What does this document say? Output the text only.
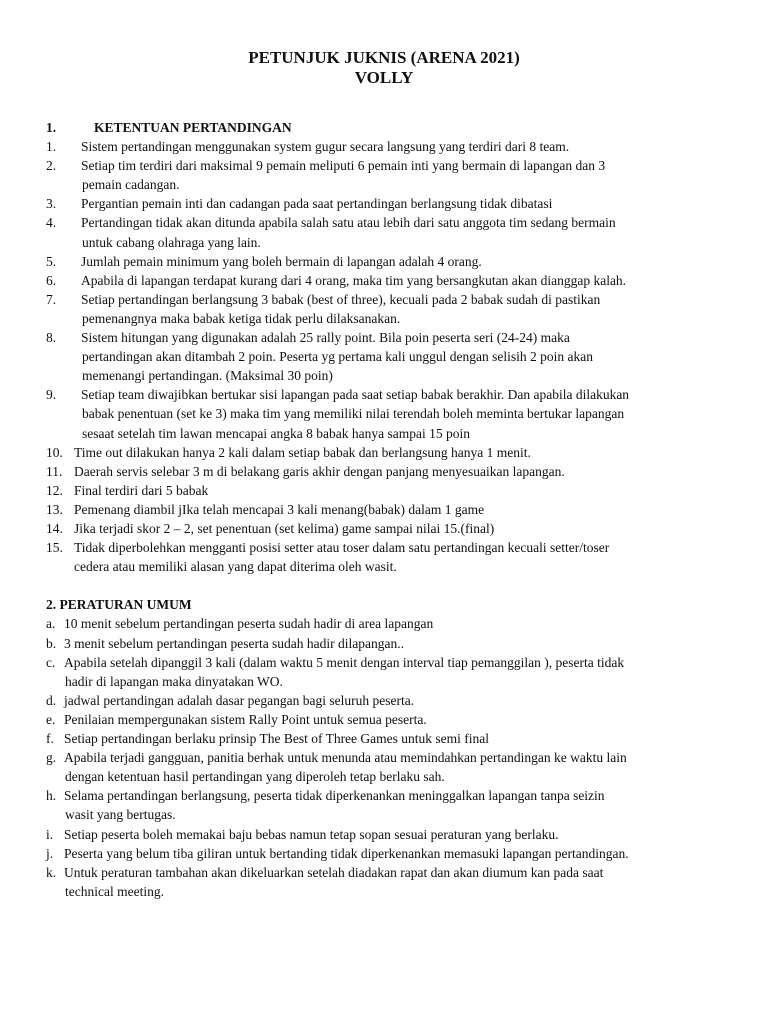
PETUNJUK JUKNIS (ARENA 2021)
VOLLY
1.	KETENTUAN PERTANDINGAN
1. Sistem pertandingan menggunakan system gugur secara langsung yang terdiri dari 8 team.
2. Setiap tim terdiri dari maksimal 9 pemain meliputi 6 pemain inti yang bermain di lapangan dan 3
pemain cadangan.
3. Pergantian pemain inti dan cadangan pada saat pertandingan berlangsung tidak dibatasi
4. Pertandingan tidak akan ditunda apabila salah satu atau lebih dari satu anggota tim sedang bermain
untuk cabang olahraga yang lain.
5. Jumlah pemain minimum yang boleh bermain di lapangan adalah 4 orang.
6. Apabila di lapangan terdapat kurang dari 4 orang, maka tim yang bersangkutan akan dianggap kalah.
7. Setiap pertandingan berlangsung 3 babak (best of three), kecuali pada 2 babak sudah di pastikan
pemenangnya maka babak ketiga tidak perlu dilaksanakan.
8. Sistem hitungan yang digunakan adalah 25 rally point. Bila poin peserta seri (24-24) maka
pertandingan akan ditambah 2 poin. Peserta yg pertama kali unggul dengan selisih 2 poin akan
memenangi pertandingan. (Maksimal 30 poin)
9. Setiap team diwajibkan bertukar sisi lapangan pada saat setiap babak berakhir. Dan apabila dilakukan
babak penentuan (set ke 3) maka tim yang memiliki nilai terendah boleh meminta bertukar lapangan
sesaat setelah tim lawan mencapai angka 8 babak hanya sampai 15 poin
10. Time out dilakukan hanya 2 kali dalam setiap babak dan berlangsung hanya 1 menit.
11. Daerah servis selebar 3 m di belakang garis akhir dengan panjang menyesuaikan lapangan.
12. Final terdiri dari 5 babak
13. Pemenang diambil jIka telah mencapai 3 kali menang(babak) dalam 1 game
14. Jika terjadi skor 2 – 2, set penentuan (set kelima) game sampai nilai 15.(final)
15. Tidak diperbolehkan mengganti posisi setter atau toser dalam satu pertandingan kecuali setter/toser
cedera atau memiliki alasan yang dapat diterima oleh wasit.
2. PERATURAN UMUM
a. 10 menit sebelum pertandingan peserta sudah hadir di area lapangan
b. 3 menit sebelum pertandingan peserta sudah hadir dilapangan..
c. Apabila setelah dipanggil 3 kali (dalam waktu 5 menit dengan interval tiap pemanggilan ), peserta tidak
hadir di lapangan maka dinyatakan WO.
d. jadwal pertandingan adalah dasar pegangan bagi seluruh peserta.
e. Penilaian mempergunakan sistem Rally Point untuk semua peserta.
f. Setiap pertandingan berlaku prinsip The Best of Three Games untuk semi final
g. Apabila terjadi gangguan, panitia berhak untuk menunda atau memindahkan pertandingan ke waktu lain
dengan ketentuan hasil pertandingan yang diperoleh tetap berlaku sah.
h. Selama pertandingan berlangsung, peserta tidak diperkenankan meninggalkan lapangan tanpa seizin
wasit yang bertugas.
i. Setiap peserta boleh memakai baju bebas namun tetap sopan sesuai peraturan yang berlaku.
j. Peserta yang belum tiba giliran untuk bertanding tidak diperkenankan memasuki lapangan pertandingan.
k. Untuk peraturan tambahan akan dikeluarkan setelah diadakan rapat dan akan diumum kan pada saat
technical meeting.
